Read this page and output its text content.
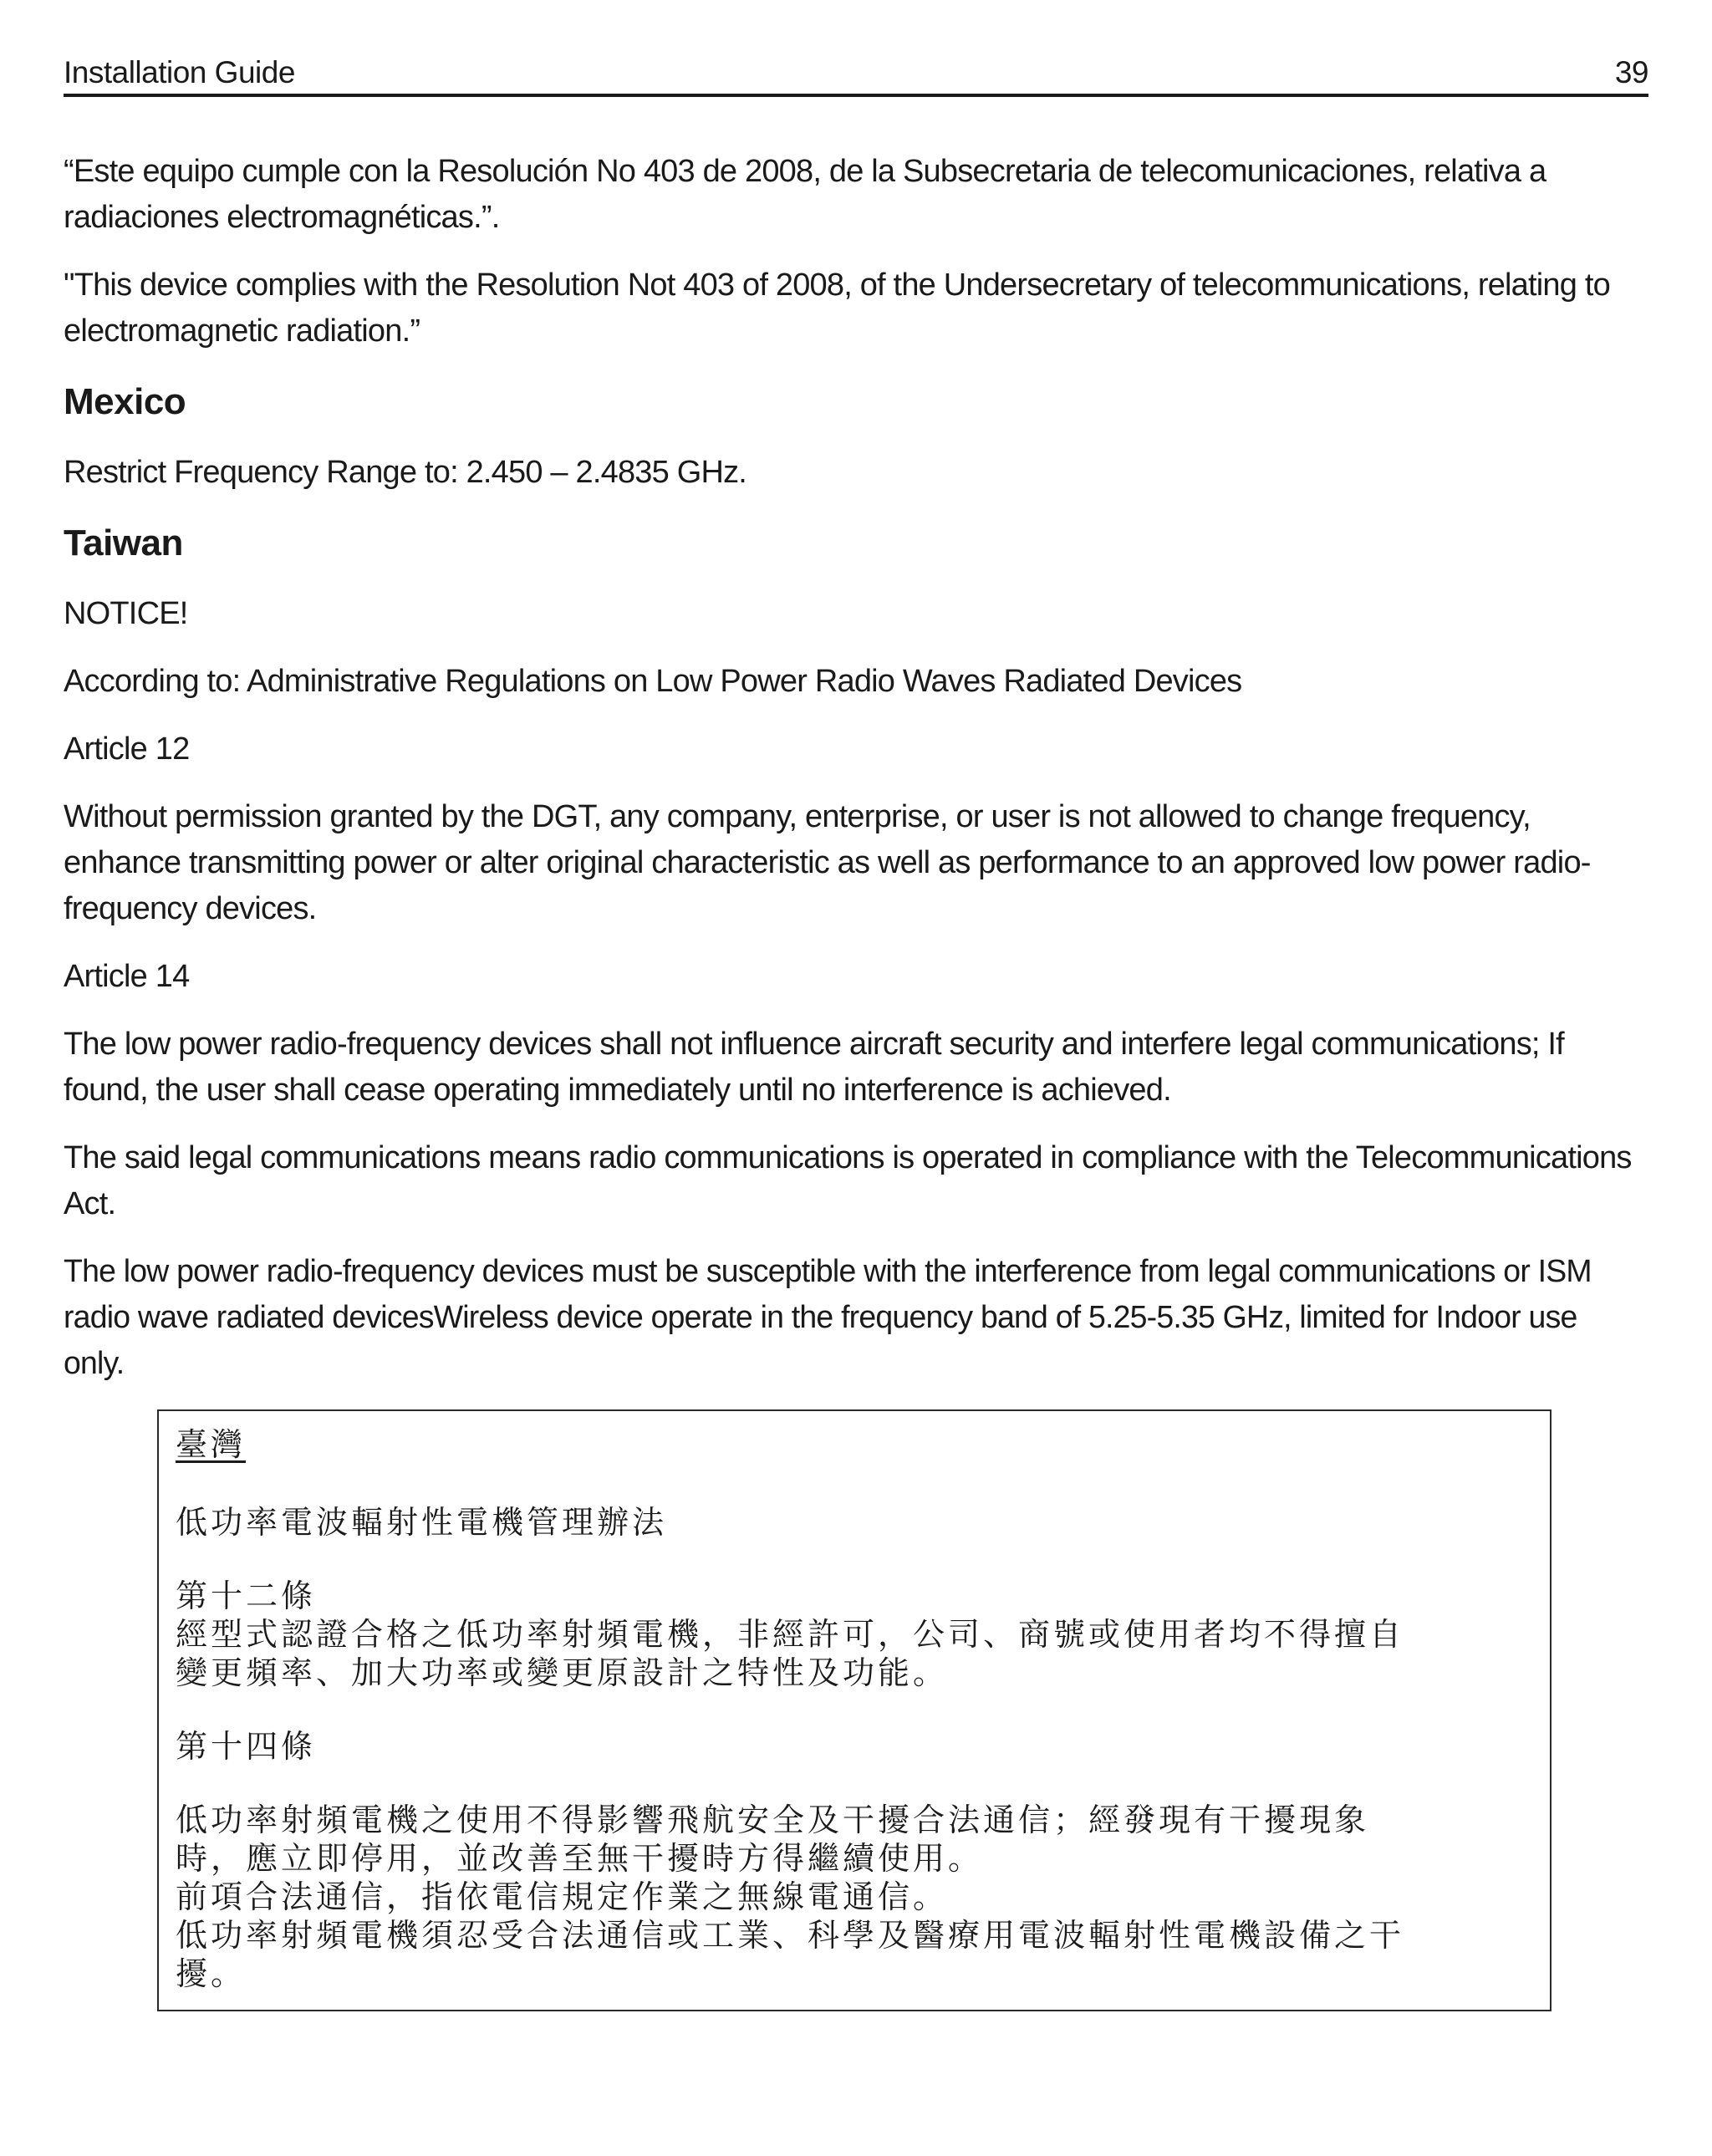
Installation Guide	39

“Este equipo cumple con la Resolución No 403 de 2008, de la Subsecretaria de telecomunicaciones, relativa a radiaciones electromagnéticas.”.

"This device complies with the Resolution Not 403 of 2008, of the Undersecretary of telecommunications, relating to electromagnetic radiation.”

Mexico

Restrict Frequency Range to: 2.450 – 2.4835 GHz.

Taiwan

NOTICE!

According to: Administrative Regulations on Low Power Radio Waves Radiated Devices

Article 12

Without permission granted by the DGT, any company, enterprise, or user is not allowed to change frequency, enhance transmitting power or alter original characteristic as well as performance to an approved low power radio-frequency devices.

Article 14

The low power radio-frequency devices shall not influence aircraft security and interfere legal communications; If found, the user shall cease operating immediately until no interference is achieved.

The said legal communications means radio communications is operated in compliance with the Telecommunications Act.

The low power radio-frequency devices must be susceptible with the interference from legal communications or ISM radio wave radiated devicesWireless device operate in the frequency band of 5.25-5.35 GHz, limited for Indoor use only.

臺灣

低功率電波輻射性電機管理辦法

第十二條

經型式認證合格之低功率射頻電機，非經許可，公司、商號或使用者均不得擅自

變更頻率、加大功率或變更原設計之特性及功能。

第十四條

低功率射頻電機之使用不得影響飛航安全及干擾合法通信；經發現有干擾現象

時，應立即停用，並改善至無干擾時方得繼續使用。

前項合法通信，指依電信規定作業之無線電通信。

低功率射頻電機須忍受合法通信或工業、科學及醫療用電波輻射性電機設備之干

擾。
